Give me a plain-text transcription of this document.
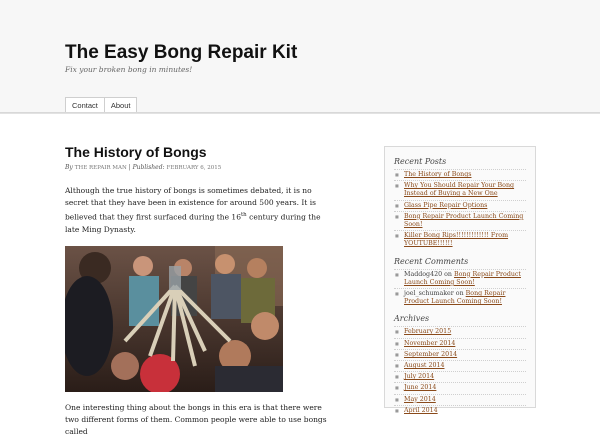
The Easy Bong Repair Kit
Fix your broken bong in minutes!
Contact	About
The History of Bongs
By THE REPAIR MAN | Published: FEBRUARY 6, 2015
Although the true history of bongs is sometimes debated, it is no secret that they have been in existence for around 500 years. It is believed that they first surfaced during the 16th century during the late Ming Dynasty.
One interesting thing about the bongs in this era is that there were two different forms of them. Common people were able to use bongs called
Recent Posts
■ The History of Bongs
■ Why You Should Repair Your Bong Instead of Buying a New One
■ Glass Pipe Repair Options
■ Bong Repair Product Launch Coming Soon!
■ Killer Bong Rips!!!!!!!!!!!!! From YOUTUBE!!!!!!
Recent Comments
■ Maddog420 on Bong Repair Product Launch Coming Soon!
■ joel_schumaker on Bong Repair Product Launch Coming Soon!
Archives
■ February 2015
■ November 2014
■ September 2014
■ August 2014
■ July 2014
■ June 2014
■ May 2014
■ April 2014
